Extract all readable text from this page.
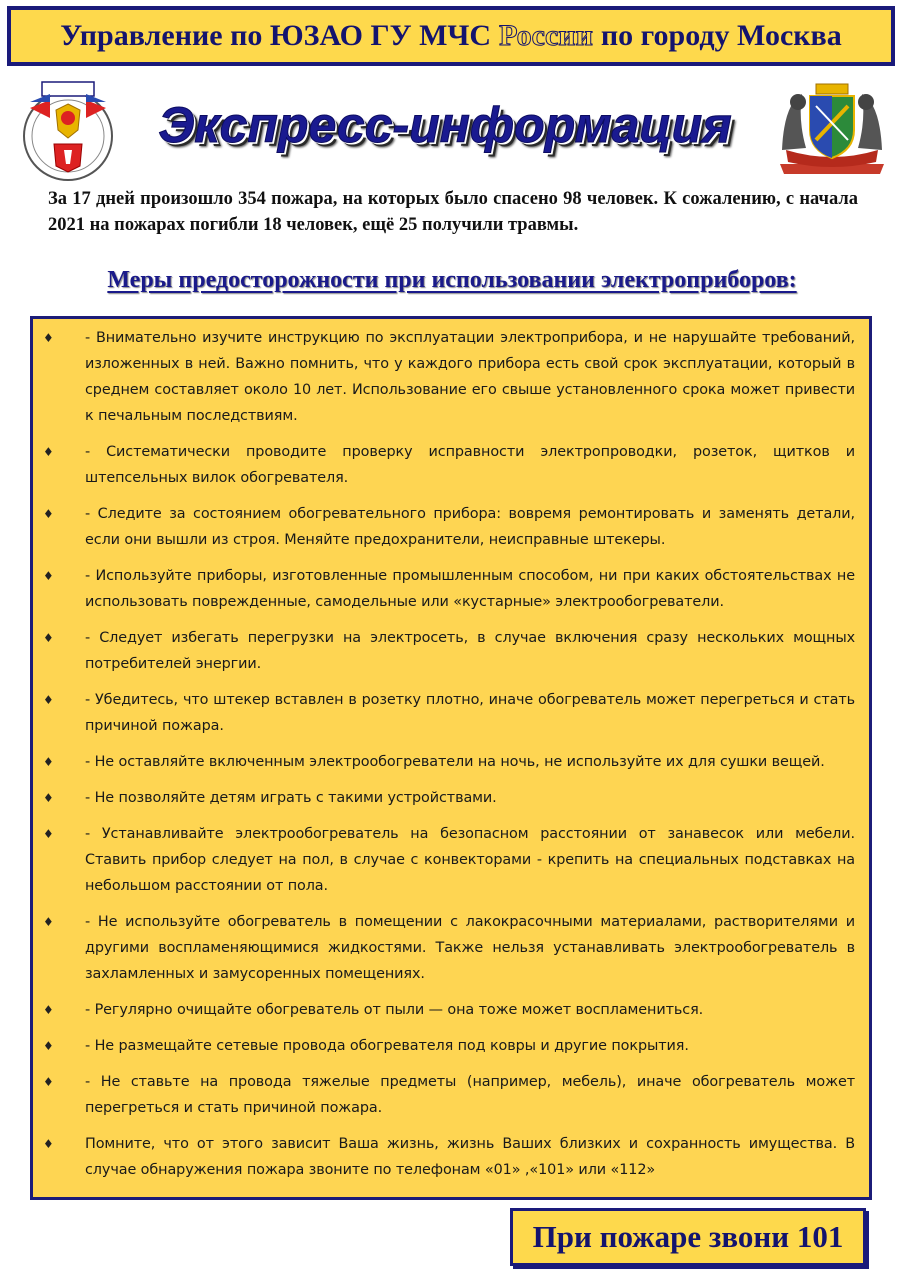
Управление по ЮЗАО ГУ МЧС России по городу Москва
Экспресс-информация
За 17 дней произошло 354 пожара, на которых было спасено 98 человек. К сожалению, с начала 2021 на пожарах погибли 18 человек, ещё 25 получили травмы.
Меры предосторожности при использовании электроприборов:
♦	- Внимательно изучите инструкцию по эксплуатации электроприбора, и не нарушайте требований, изложенных в ней. Важно помнить, что у каждого прибора есть свой срок эксплуатации, который в среднем составляет около 10 лет. Использование его свыше установленного срока может привести к печальным последствиям.
♦	- Систематически проводите проверку исправности электропроводки, розеток, щитков и штепсельных вилок обогревателя.
♦	- Следите за состоянием обогревательного прибора: вовремя ремонтировать и заменять детали, если они вышли из строя. Меняйте предохранители, неисправные штекеры.
♦	- Используйте приборы, изготовленные промышленным способом, ни при каких обстоятельствах не использовать поврежденные, самодельные или «кустарные» электрообогреватели.
♦	- Следует избегать перегрузки на электросеть, в случае включения сразу нескольких мощных потребителей энергии.
♦	- Убедитесь, что штекер вставлен в розетку плотно, иначе обогреватель может перегреться и стать причиной пожара.
♦	- Не оставляйте включенным электрообогреватели на ночь, не используйте их для сушки вещей.
♦	- Не позволяйте детям играть с такими устройствами.
♦	- Устанавливайте электрообогреватель на безопасном расстоянии от занавесок или мебели. Ставить прибор следует на пол, в случае с конвекторами - крепить на специальных подставках на небольшом расстоянии от пола.
♦	- Не используйте обогреватель в помещении с лакокрасочными материалами, растворителями и другими воспламеняющимися жидкостями. Также нельзя устанавливать электрообогреватель в захламленных и замусоренных помещениях.
♦	- Регулярно очищайте обогреватель от пыли — она тоже может воспламениться.
♦	- Не размещайте сетевые провода обогревателя под ковры и другие покрытия.
♦	- Не ставьте на провода тяжелые предметы (например, мебель), иначе обогреватель может перегреться и стать причиной пожара.
♦	Помните, что от этого зависит Ваша жизнь, жизнь Ваших близких и сохранность имущества. В случае обнаружения пожара звоните по телефонам «01» ,«101» или «112»
При пожаре звони 101
